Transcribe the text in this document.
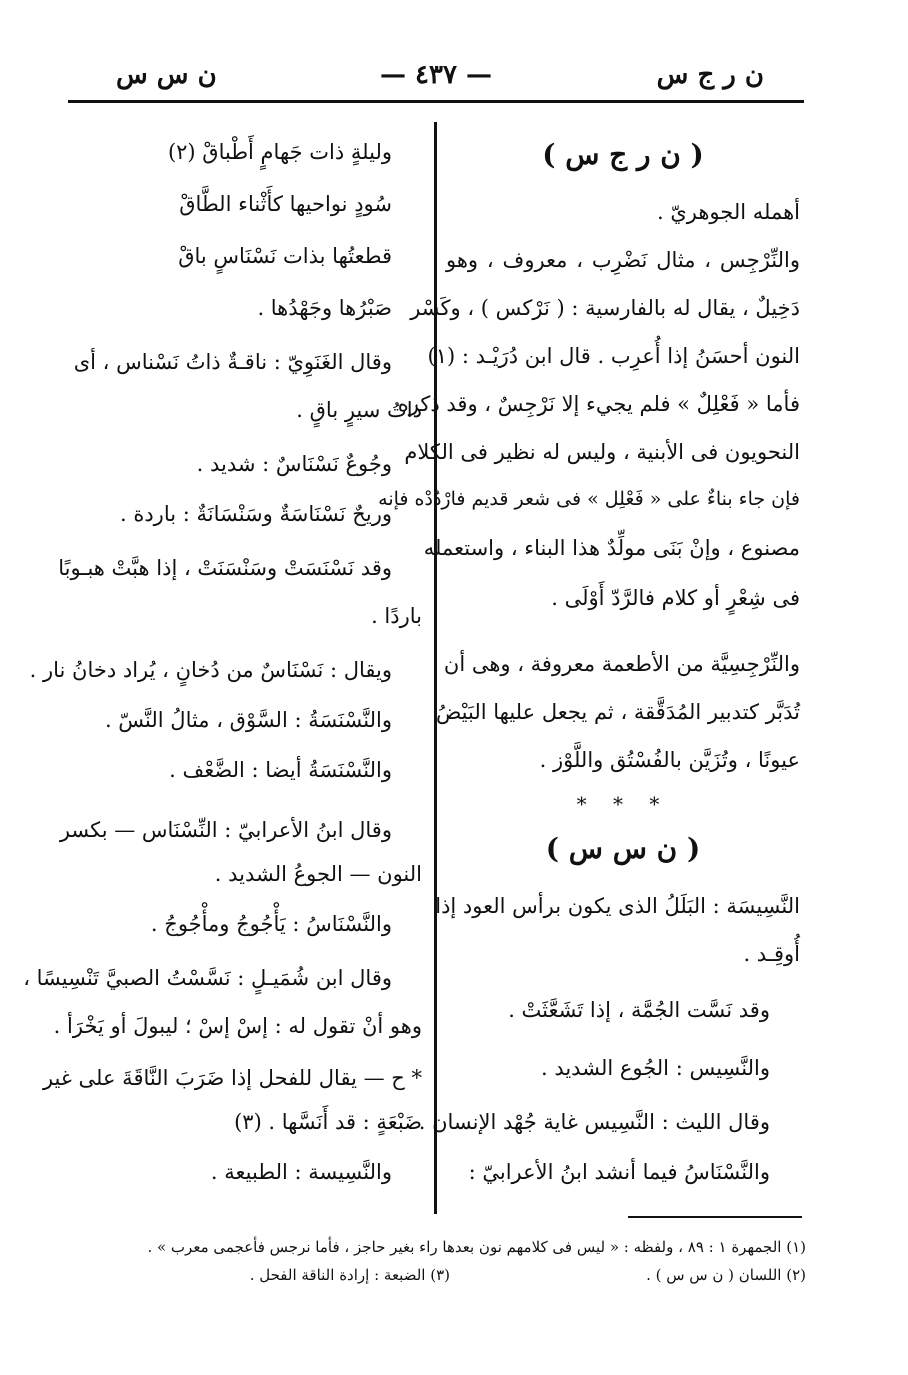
ن ر ج س
— ٤٣٧ —
ن س س
( ن ر ج س )
أهمله الجوهريّ .
والنِّرْجِس ، مثال نَضْرِب ، معروف ، وهو
دَخِيلٌ ، يقال له بالفارسية : ( نَرْكس ) ، وكَسْر
النون أحسَنُ إذا أُعرِب . قال ابن دُرَيْـد : (١)
فأما « فَعْلِلٌ » فلم يجيء إلا نَرْجِسٌ ، وقد ذكره
النحويون فى الأبنية ، وليس له نظير فى الكلام
فإن جاء بناءٌ على « فَعْلِل » فى شعر قديم فارْدُدْه فإنه
مصنوع ، وإنْ بَنَى مولِّدٌ هذا البناء ، واستعمله
فى شِعْرٍ أو كلام فالرَّدّ أَوْلَى .
والنِّرْجِسِيَّة من الأطعمة معروفة ، وهى أن
تُدَبَّر كتدبير المُدَقَّقة ، ثم يجعل عليها البَيْضُ
عيونًا ، وتُزَيَّن بالفُسْتُق واللَّوْز .
* * *
( ن س س )
النَّسِيسَة : البَلَلُ الذى يكون برأس العود إذا
أُوقِـد .
وقد نَسَّت الجُمَّة ، إذا تَشَعَّثَتْ .
والنَّسِيس : الجُوع الشديد .
وقال الليث : النَّسِيس غاية جُهْد الإنسان .
والنَّسْنَاسُ فيما أنشد ابنُ الأعرابيّ :
وليلةٍ ذات جَهامٍ أَطْباقْ (٢)
سُودٍ نواحيها كأَثْناء الطَّاقْ
قطعتُها بذات نَسْنَاسٍ باقْ
صَبْرُها وجَهْدُها .
وقال الغَنَوِيّ : ناقـةٌ ذاتُ نَسْناس ، أى
ذاتُ سيرٍ باقٍ .
وجُوعٌ نَسْنَاسٌ : شديد .
وريحٌ نَسْنَاسَةٌ وسَنْسَانَةٌ : باردة .
وقد نَسْنَسَتْ وسَنْسَنَتْ ، إذا هبَّتْ هبـوبًا
باردًا .
ويقال : نَسْنَاسٌ من دُخانٍ ، يُراد دخانُ نار .
والنَّسْنَسَةُ : السَّوْق ، مثالُ النَّسّ .
والنَّسْنَسَةُ أيضا : الضَّعْف .
وقال ابنُ الأعرابيّ : النِّسْنَاس — بكسر
النون — الجوعُ الشديد .
والنَّسْنَاسُ : يَأْجُوجُ ومأْجُوجُ .
وقال ابن شُمَيـلٍ : نَسَّسْتُ الصبيَّ تَنْسِيسًا ،
وهو أنْ تقول له : إسْ إسْ ؛ ليبولَ أو يَخْرَأ .
* ح — يقال للفحل إذا ضَرَبَ النَّاقَةَ على غير
ضَبْعَةٍ : قد أَنَسَّها . (٣)
والنَّسِيسة : الطبيعة .
(١) الجمهرة ١ : ٨٩ ، ولفظه : « ليس فى كلامهم نون بعدها راء بغير حاجز ، فأما نرجس فأعجمى معرب » .
(٢) اللسان ( ن س س ) .
(٣) الضبعة : إرادة الناقة الفحل .
